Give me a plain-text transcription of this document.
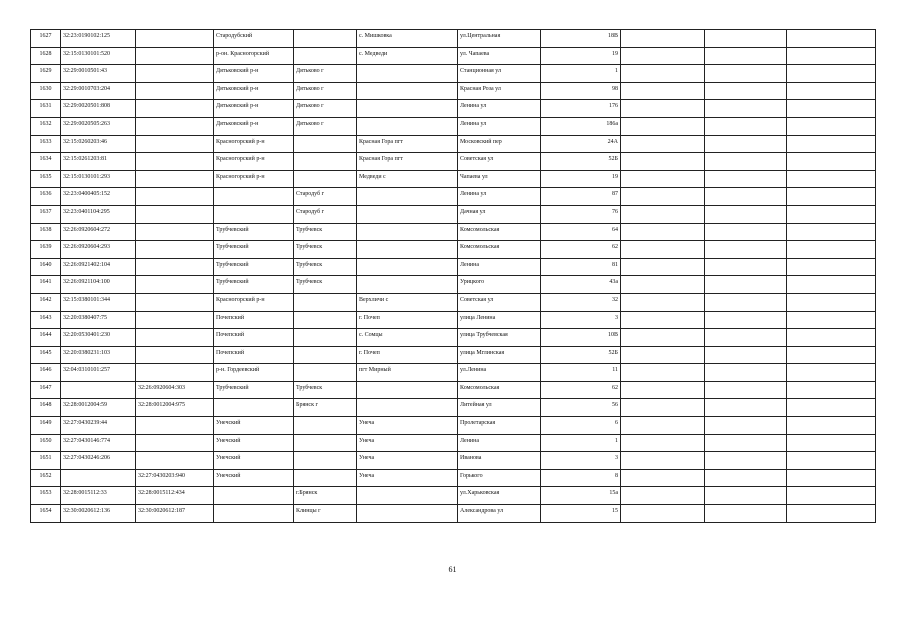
1627	32:23:0190102:125		Стародубский		с. Мишковка	ул.Центральная	18В			
1628	32:15:0130101:520		р-он. Красногорский		с. Медведи	ул. Чапаева	19			
1629	32:29:0010501:43		Дятьковский р-н	Дятьково г		Станционная ул	1			
1630	32:29:0010703:204		Дятьковский р-н	Дятьково г		Красная Роза ул	98			
1631	32:29:0020501:808		Дятьковский р-н	Дятьково г		Ленина ул	176			
1632	32:29:0020505:263		Дятьковский р-н	Дятьково г		Ленина ул	186а			
1633	32:15:0260203:46		Красногорский р-н		Красная Гора пгт	Московский пер	24А			
1634	32:15:0261203:81		Красногорский р-н		Красная Гора пгт	Советская ул	52Б			
1635	32:15:0130101:293		Красногорский р-н		Медведи с	Чапаева ул	19			
1636	32:23:0400405:152			Стародуб г		Ленина ул	87			
1637	32:23:0401104:295			Стародуб г		Дачная ул	76			
1638	32:26:0920604:272		Трубчевский	Трубчевск		Комсомольская	64			
1639	32:26:0920604:293		Трубчевский	Трубчевск		Комсомольская	62			
1640	32:26:0921402:104		Трубчевский	Трубчевск		Ленина	81			
1641	32:26:0921104:100		Трубчевский	Трубчевск		Урицкого	43а			
1642	32:15:0380101:344		Красногорский р-н		Верхличи с	Советская ул	32			
1643	32:20:0380407:75		Почепский		г. Почеп	улица Ленина	3			
1644	32:20:0530401:230		Почепский		с. Сомцы	улица Трубчевская	10В			
1645	32:20:0380231:103		Почепский		г. Почеп	улица Мглинская	52Б			
1646	32:04:0310101:257		р-н. Гордеевский		пгт Мирный	ул.Ленина	11			
1647		32:26:0920604:303	Трубчевский	Трубчевск		Комсомольская	62			
1648	32:28:0012004:59	32:28:0012004:975		Брянск г		Литейная ул	56			
1649	32:27:0430239:44		Унечский		Унеча	Пролетарская	6			
1650	32:27:0430146:774		Унечский		Унеча	Ленина	1			
1651	32:27:0430246:206		Унечский		Унеча	Иванова	3			
1652		32:27:0430203:940	Унечский		Унеча	Горького	8			
1653	32:28:0015112:33	32:28:0015112:434		г.Брянск		ул.Харьковская	15а			
1654	32:30:0020612:136	32:30:0020612:187		Клинцы г		Александрова ул	15			
61
